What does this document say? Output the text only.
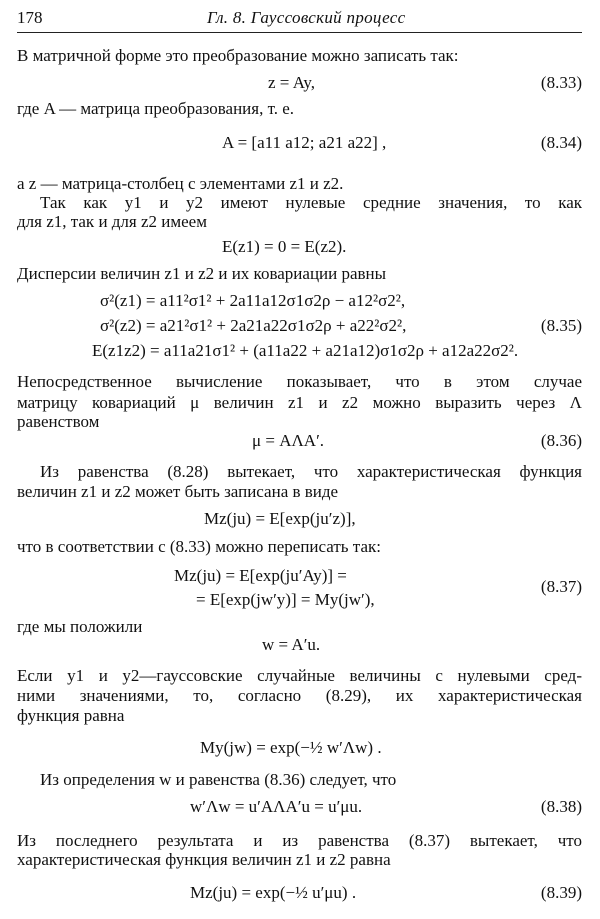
178	Гл. 8. Гауссовский процесс
В матричной форме это преобразование можно записать так:
z = Ay,	(8.33)
где A — матрица преобразования, т. е.
A = [a11 a12; a21 a22] ,	(8.34)
а z — матрица-столбец с элементами z1 и z2.
Так как y1 и y2 имеют нулевые средние значения, то как
для z1, так и для z2 имеем
E(z1) = 0 = E(z2).
Дисперсии величин z1 и z2 и их ковариации равны
σ²(z1) = a11²σ1² + 2a11a12σ1σ2ρ − a12²σ2²,
σ²(z2) = a21²σ1² + 2a21a22σ1σ2ρ + a22²σ2²,	(8.35)
E(z1z2) = a11a21σ1² + (a11a22 + a21a12)σ1σ2ρ + a12a22σ2².
Непосредственное вычисление показывает, что в этом случае
матрицу ковариаций μ величин z1 и z2 можно выразить через Λ
равенством
μ = AΛA′.	(8.36)
Из равенства (8.28) вытекает, что характеристическая функция
величин z1 и z2 может быть записана в виде
Mz(ju) = E[exp(ju′z)],
что в соответствии с (8.33) можно переписать так:
Mz(ju) = E[exp(ju′Ay)] =
(8.37)
= E[exp(jw′y)] = My(jw′),
где мы положили
w = A′u.
Если y1 и y2—гауссовские случайные величины с нулевыми сред-
ними значениями, то, согласно (8.29), их характеристическая
функция равна
My(jw) = exp(−½ w′Λw) .
Из определения w и равенства (8.36) следует, что
w′Λw = u′AΛA′u = u′μu.	(8.38)
Из последнего результата и из равенства (8.37) вытекает, что
характеристическая функция величин z1 и z2 равна
Mz(ju) = exp(−½ u′μu) .	(8.39)
